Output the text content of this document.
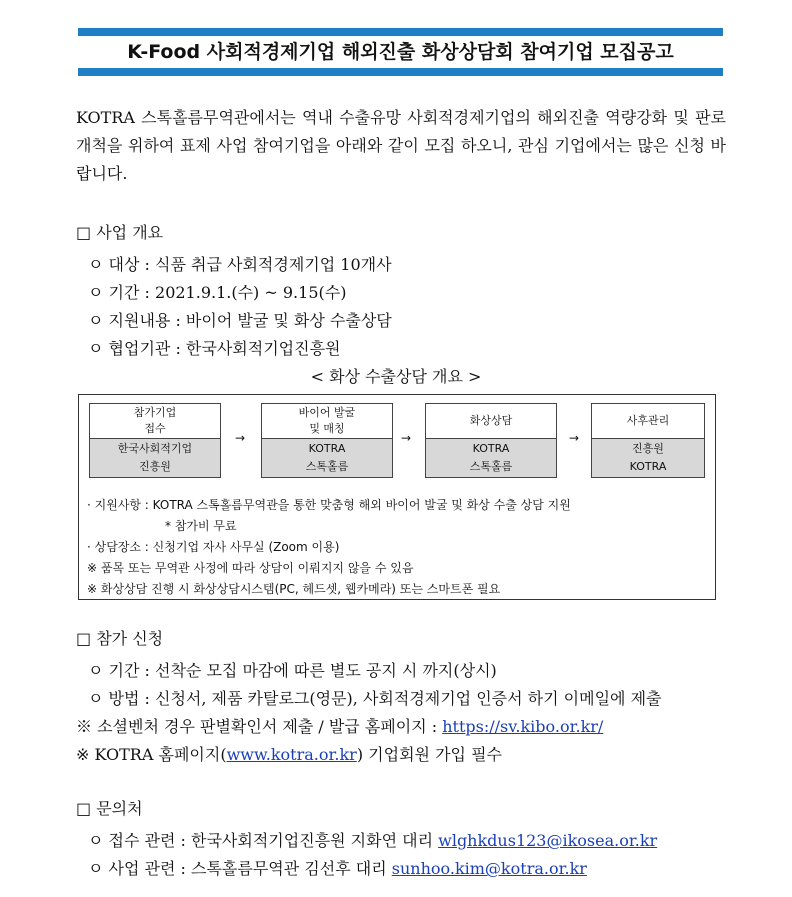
K-Food 사회적경제기업 해외진출 화상상담회 참여기업 모집공고
KOTRA 스톡홀름무역관에서는 역내 수출유망 사회적경제기업의 해외진출 역량강화 및 판로개척을 위하여 표제 사업 참여기업을 아래와 같이 모집 하오니, 관심 기업에서는 많은 신청 바랍니다.
□ 사업 개요
ㅇ 대상 : 식품 취급 사회적경제기업 10개사
ㅇ 기간 : 2021.9.1.(수) ~ 9.15(수)
ㅇ 지원내용 : 바이어 발굴 및 화상 수출상담
ㅇ 협업기관 : 한국사회적기업진흥원
< 화상 수출상담 개요 >
참가기업
접수
한국사회적기업
진흥원
→
바이어 발굴
및 매칭
KOTRA
스톡홀름
→
화상상담
KOTRA
스톡홀름
→
사후관리
진흥원
KOTRA
· 지원사항 : KOTRA 스톡홀름무역관을 통한 맞춤형 해외 바이어 발굴 및 화상 수출 상담 지원
* 참가비 무료
· 상담장소 : 신청기업 자사 사무실 (Zoom 이용)
※ 품목 또는 무역관 사정에 따라 상담이 이뤄지지 않을 수 있음
※ 화상상담 진행 시 화상상담시스템(PC, 헤드셋, 웹카메라) 또는 스마트폰 필요
□ 참가 신청
ㅇ 기간 : 선착순 모집 마감에 따른 별도 공지 시 까지(상시)
ㅇ 방법 : 신청서, 제품 카탈로그(영문), 사회적경제기업 인증서 하기 이메일에 제출
※ 소셜벤처 경우 판별확인서 제출 / 발급 홈페이지 : https://sv.kibo.or.kr/
※ KOTRA 홈페이지(www.kotra.or.kr) 기업회원 가입 필수
□ 문의처
ㅇ 접수 관련 : 한국사회적기업진흥원 지화연 대리 wlghkdus123@ikosea.or.kr
ㅇ 사업 관련 : 스톡홀름무역관 김선후 대리 sunhoo.kim@kotra.or.kr
